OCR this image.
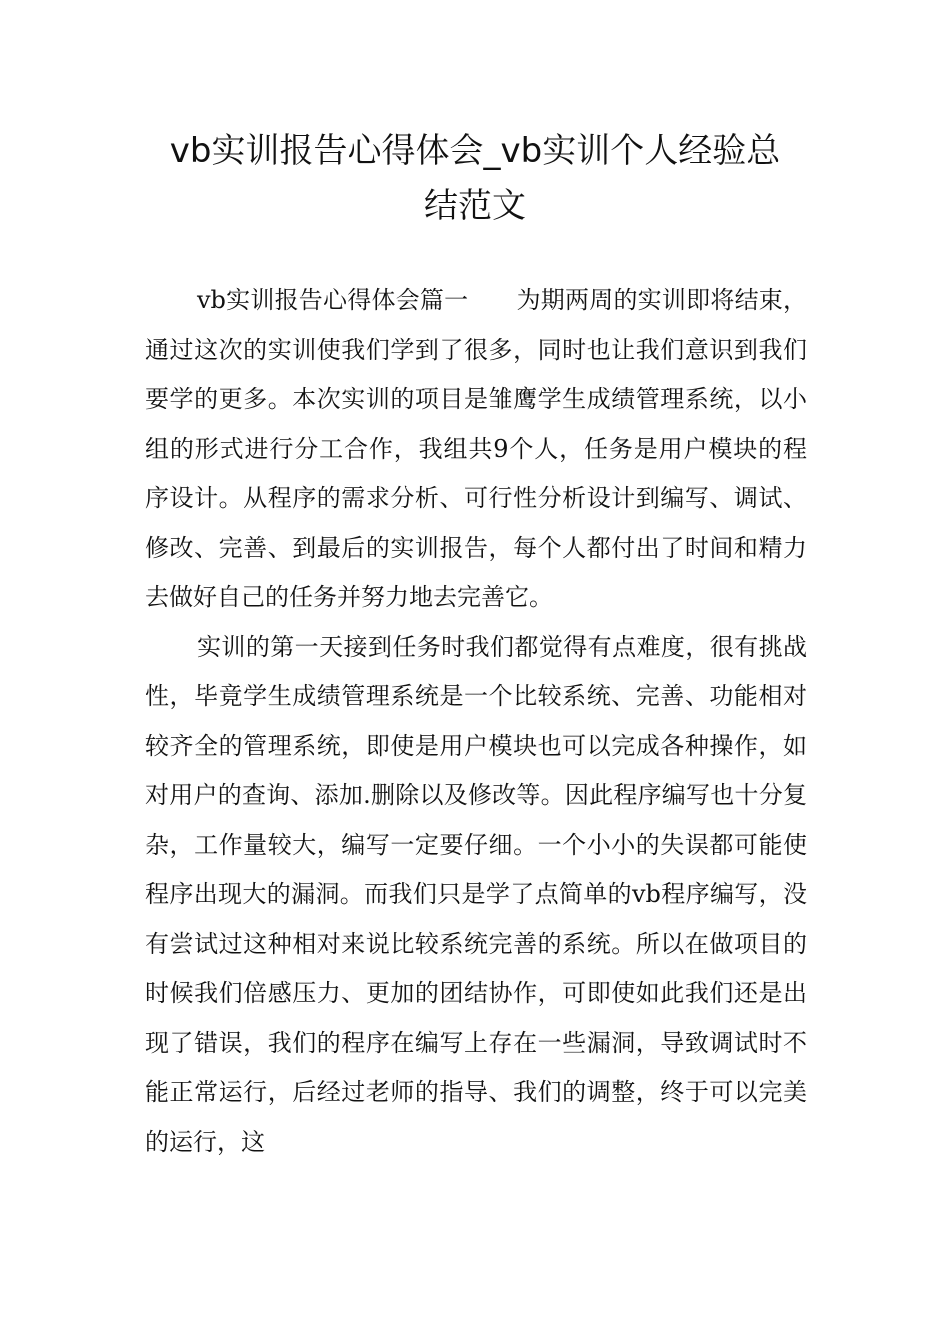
vb实训报告心得体会_vb实训个人经验总
结范文

vb实训报告心得体会篇一 为期两周的实训即将结束，通过这次的实训使我们学到了很多，同时也让我们意识到我们要学的更多。本次实训的项目是雏鹰学生成绩管理系统，以小组的形式进行分工合作，我组共9个人，任务是用户模块的程序设计。从程序的需求分析、可行性分析设计到编写、调试、修改、完善、到最后的实训报告，每个人都付出了时间和精力去做好自己的任务并努力地去完善它。

实训的第一天接到任务时我们都觉得有点难度，很有挑战性，毕竟学生成绩管理系统是一个比较系统、完善、功能相对较齐全的管理系统，即使是用户模块也可以完成各种操作，如对用户的查询、添加.删除以及修改等。因此程序编写也十分复杂，工作量较大，编写一定要仔细。一个小小的失误都可能使程序出现大的漏洞。而我们只是学了点简单的vb程序编写，没有尝试过这种相对来说比较系统完善的系统。所以在做项目的时候我们倍感压力、更加的团结协作，可即使如此我们还是出现了错误，我们的程序在编写上存在一些漏洞，导致调试时不能正常运行，后经过老师的指导、我们的调整，终于可以完美的运行，这
